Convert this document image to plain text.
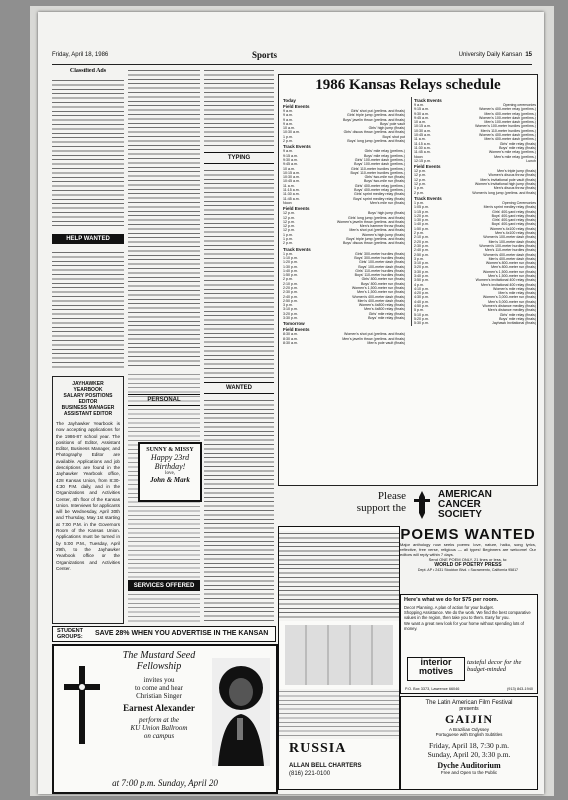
Friday, April 18, 1986	Sports	University Daily Kansan 15
Classified Ads
HELP WANTED
JAYHAWKER
YEARBOOK
SALARY POSITIONS
EDITOR
BUSINESS MANAGER
ASSISTANT EDITOR
The Jayhawker Yearbook is now accepting applications for the 1986-87 school year. The positions of Editor, Assistant Editor, Business Manager, and Photography Editor are available. Applications and job descriptions are found in the Jayhawker Yearbook office, 428 Kansas Union, from 8:30-4:30 P.M. daily, and in the Organizations and Activities Center, 4th floor of the Kansas Union. Interviews for applicants will be Wednesday, April 30th and Thursday, May 1st starting at 7:00 P.M. in the Governors Room of the Kansas Union. Applications must be turned in by 5:00 P.M., Tuesday, April 29th, to the Jayhawker Yearbook office or the Organizations and Activities Center.
TYPING
WANTED
PERSONAL
SUNNY & MISSY
Happy 23rd
Birthday!
love,
John & Mark
SERVICES OFFERED
STUDENT GROUPS:	SAVE 28% WHEN YOU ADVERTISE IN THE KANSAN
The Mustard Seed
Fellowship
invites you
to come and hear
Christian Singer
Earnest Alexander
perform at the
KU Union Ballroom
on campus
at 7:00 p.m. Sunday, April 20
1986 Kansas Relays schedule
Today
Field Events
9 a.m.	Girls' shot put (prelims. and finals)
9 a.m.	Girls' triple jump (prelims. and finals)
9 a.m.	Boys' javelin throw (prelims. and finals)
9 a.m.	Boys' pole vault
10 a.m.	Girls' high jump (finals)
10:30 a.m.	Girls' discus throw (prelims. and finals)
1 p.m.	Boys' shot put
2 p.m.	Boys' long jump (prelims. and finals)
Track Events
9 a.m.	Girls' mile relay (prelims.)
9:15 a.m.	Boys' mile relay (prelims.)
9:30 a.m.	Girls' 100-meter dash (prelims.)
9:45 a.m.	Boys' 100-meter dash (prelims.)
10 a.m.	Girls' 110-meter hurdles (prelims.)
10:15 a.m.	Boys' 110-meter hurdles (prelims.)
10:30 a.m.	Girls' two-mile run (finals)
10:45 a.m.	Boys' two-mile run (finals)
11 a.m.	Girls' 400-meter relay (prelims.)
11:15 a.m.	Boys' 400-meter relay (prelims.)
11:30 a.m.	Girls' sprint medley relay (finals)
11:45 a.m.	Boys' sprint medley relay (finals)
Noon	Men's mile run (finals)
Field Events
12 p.m.	Boys' high jump (finals)
12 p.m.	Girls' long jump (prelims. and finals)
12 p.m.	Women's javelin throw (prelims. and finals)
12 p.m.	Men's hammer throw (finals)
12 p.m.	Men's shot put (prelims. and finals)
1 p.m.	Women's high jump (finals)
1 p.m.	Boys' triple jump (prelims. and finals)
2 p.m.	Boys' discus throw (prelims. and finals)
Track Events
1 p.m.	Girls' 300-meter hurdles (finals)
1:10 p.m.	Boys' 300-meter hurdles (finals)
1:20 p.m.	Girls' 100-meter dash (finals)
1:30 p.m.	Boys' 100-meter dash (finals)
1:40 p.m.	Girls' 110-meter hurdles (finals)
1:50 p.m.	Boys' 110-meter hurdles (finals)
2 p.m.	Girls' 800-meter run (finals)
2:10 p.m.	Boys' 800-meter run (finals)
2:20 p.m.	Women's 1,500-meter run (finals)
2:30 p.m.	Men's 1,500-meter run (finals)
2:40 p.m.	Women's 400-meter dash (finals)
2:50 p.m.	Men's 400-meter dash (finals)
3 p.m.	Women's 4x800 relay (finals)
3:10 p.m.	Men's 4x800 relay (finals)
3:20 p.m.	Girls' mile relay (finals)
3:30 p.m.	Boys' mile relay (finals)
Tomorrow
Field Events
8:30 a.m.	Women's shot put (prelims. and finals)
8:30 a.m.	Men's javelin throw (prelims. and finals)
8:30 a.m.	Men's pole vault (finals)
Track Events
9 a.m.	Opening ceremonies
9:15 a.m.	Women's 400-meter relay (prelims.)
9:30 a.m.	Men's 400-meter relay (prelims.)
9:45 a.m.	Women's 100-meter dash (prelims.)
10 a.m.	Men's 100-meter dash (prelims.)
10:15 a.m.	Women's 100-meter hurdles (prelims.)
10:30 a.m.	Men's 110-meter hurdles (prelims.)
10:45 a.m.	Women's 400-meter dash (prelims.)
11 a.m.	Men's 400-meter dash (prelims.)
11:15 a.m.	Girls' mile relay (finals)
11:30 a.m.	Boys' mile relay (finals)
11:45 a.m.	Women's mile relay (prelims.)
Noon	Men's mile relay (prelims.)
12:15 p.m.	Lunch
Field Events
12 p.m.	Men's triple jump (finals)
12 p.m.	Women's discus throw (finals)
12 p.m.	Men's invitational pole vault (finals)
12 p.m.	Women's invitational high jump (finals)
1 p.m.	Men's discus throw (finals)
2 p.m.	Women's long jump (prelims. and finals)
Track Events
1 p.m.	Opening Ceremonies
1:05 p.m.	Men's sprint medley relay (finals)
1:15 p.m.	Girls' 400-yard relay (finals)
1:20 p.m.	Boys' 400-yard relay (finals)
1:30 p.m.	Girls' 400-yard relay (finals)
1:40 p.m.	Boys' 400-yard relay (finals)
1:50 p.m.	Women's 4x100 relay (finals)
2 p.m.	Men's 4x100 relay (finals)
2:10 p.m.	Women's 100-meter dash (finals)
2:20 p.m.	Men's 100-meter dash (finals)
2:30 p.m.	Women's 100-meter hurdles (finals)
2:40 p.m.	Men's 110-meter hurdles (finals)
2:50 p.m.	Women's 400-meter dash (finals)
3 p.m.	Men's 400-meter dash (finals)
3:10 p.m.	Women's 800-meter run (finals)
3:20 p.m.	Men's 800-meter run (finals)
3:30 p.m.	Women's 1,500-meter run (finals)
3:40 p.m.	Men's 1,500-meter run (finals)
3:50 p.m.	Women's invitational 400 relay (finals)
4 p.m.	Men's invitational 400 relay (finals)
4:10 p.m.	Women's mile relay (finals)
4:20 p.m.	Men's mile relay (finals)
4:30 p.m.	Women's 3,000-meter run (finals)
4:40 p.m.	Men's 5,000-meter run (finals)
4:50 p.m.	Women's distance medley (finals)
5 p.m.	Men's distance medley (finals)
5:10 p.m.	Girls' mile relay (finals)
5:20 p.m.	Boys' mile relay (finals)
5:30 p.m.	Jayhawk Invitational (finals)
Please
support the
AMERICAN
CANCER
SOCIETY
RUSSIA
ALLAN BELL CHARTERS
(816) 221-0100
POEMS WANTED
Major anthology now seeks poems: love, nature, haiku, song lyrics, reflective, free verse, religious — all types! Beginners are welcome! Our editors will reply within 7 days.
Send ONE POEM ONLY, 21 lines or less, to:
WORLD OF POETRY PRESS
Dept. AP • 2431 Stockton Blvd. • Sacramento, California 95817
Here's what we do for $75 per room.
Decor Planning. A plan of action for your budget.
Shopping Assistance. We do the work. We find the best comparative values in the region, then take you to them. Easy for you.
We want a great new look for your home without spending lots of money.
interior
motives
tasteful decor for the budget-minded
P.O. Box 3373, Lawrence 66046	(913) 843-1940
The Latin American Film Festival
presents
GAIJIN
A Brazilian Odyssey
Portuguese with English Subtitles
Friday, April 18, 7:30 p.m.
Sunday, April 20, 3:30 p.m.
Dyche Auditorium
Free and Open to the Public
